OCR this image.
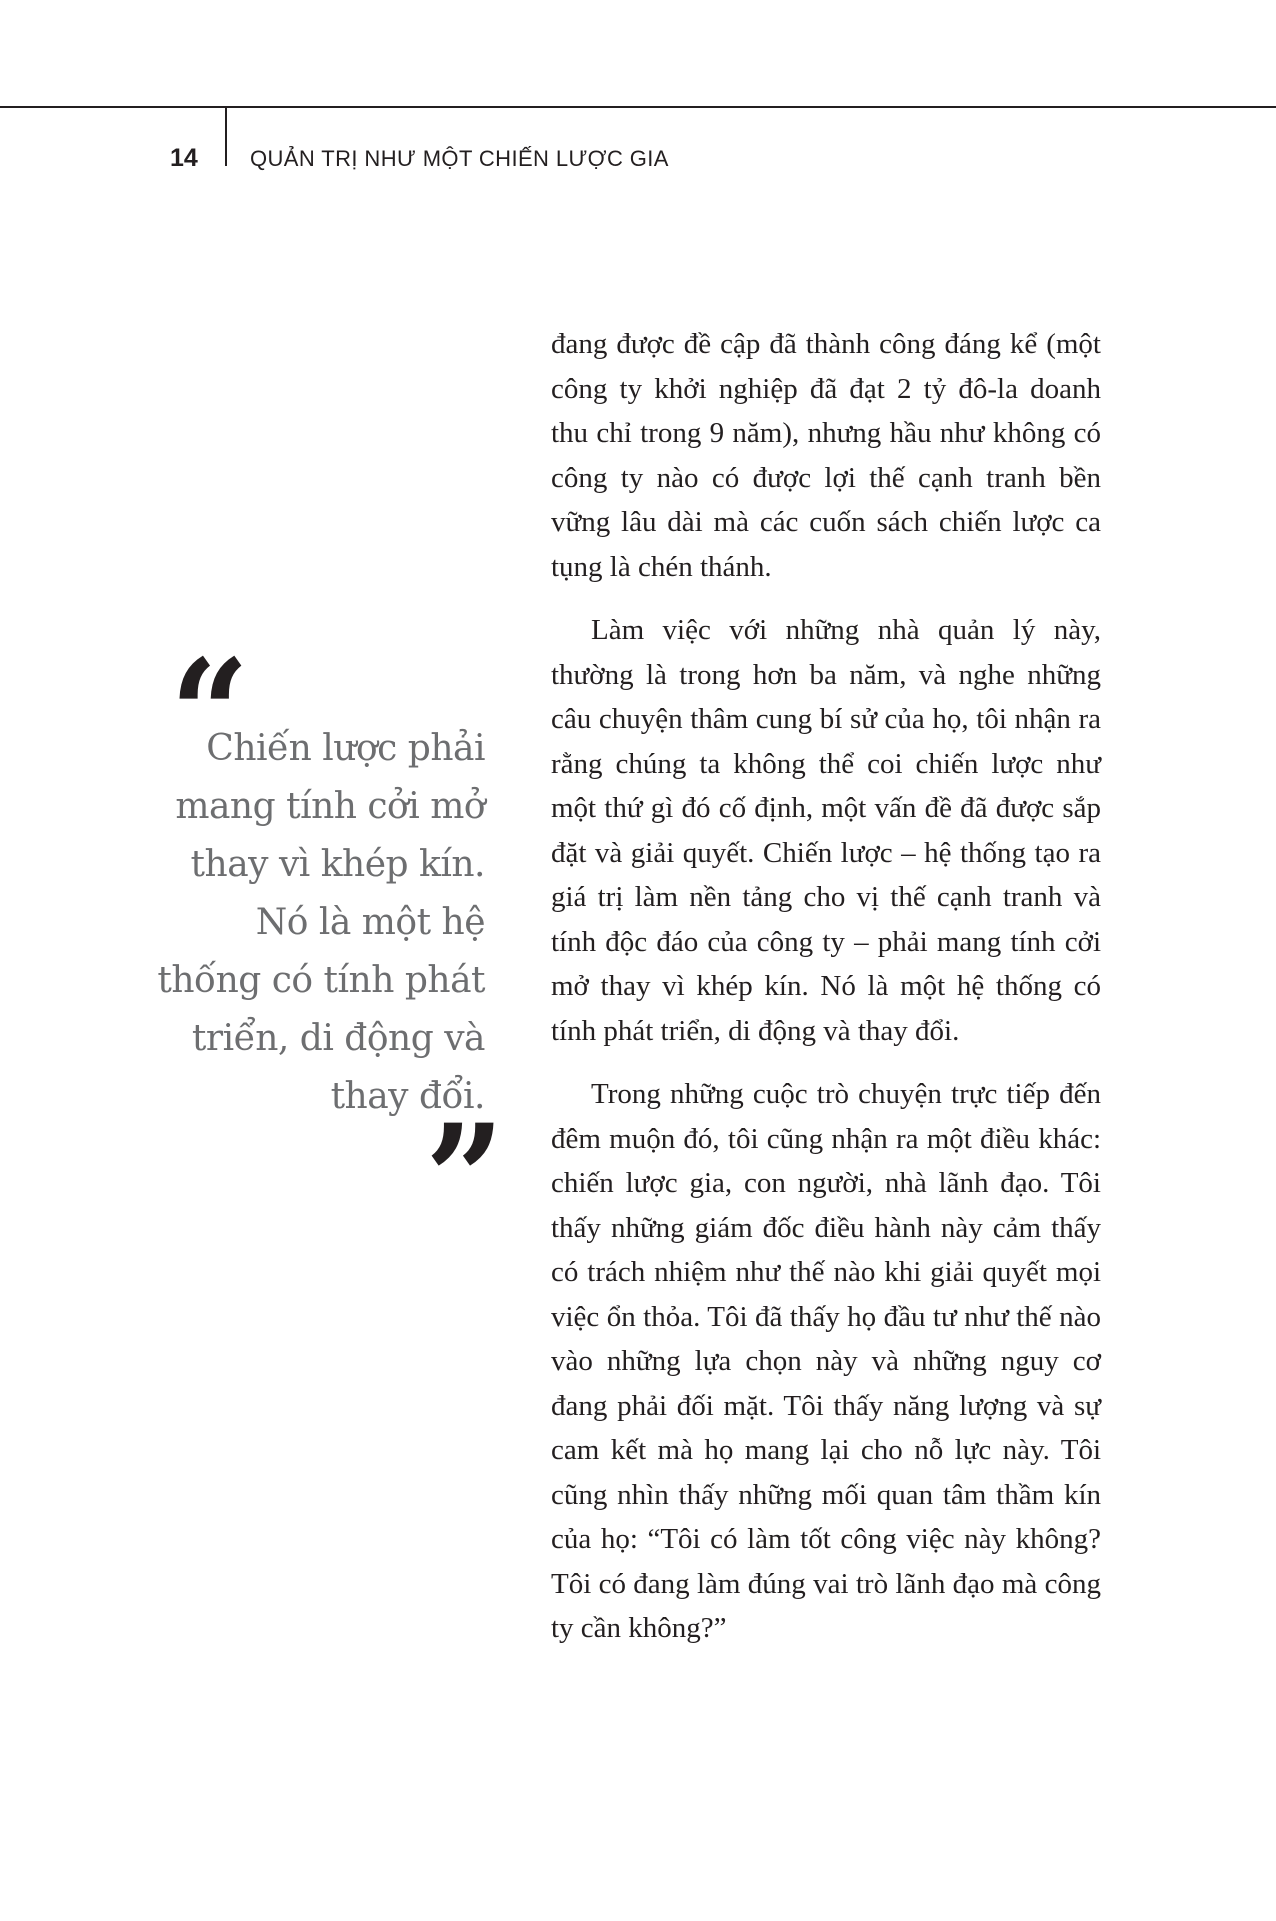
14 QUẢN TRỊ NHƯ MỘT CHIẾN LƯỢC GIA
“
Chiến lược phải mang tính cởi mở thay vì khép kín. Nó là một hệ thống có tính phát triển, di động và thay đổi.
”

đang được đề cập đã thành công đáng kể (một công ty khởi nghiệp đã đạt 2 tỷ đô-la doanh thu chỉ trong 9 năm), nhưng hầu như không có công ty nào có được lợi thế cạnh tranh bền vững lâu dài mà các cuốn sách chiến lược ca tụng là chén thánh.

Làm việc với những nhà quản lý này, thường là trong hơn ba năm, và nghe những câu chuyện thâm cung bí sử của họ, tôi nhận ra rằng chúng ta không thể coi chiến lược như một thứ gì đó cố định, một vấn đề đã được sắp đặt và giải quyết. Chiến lược – hệ thống tạo ra giá trị làm nền tảng cho vị thế cạnh tranh và tính độc đáo của công ty – phải mang tính cởi mở thay vì khép kín. Nó là một hệ thống có tính phát triển, di động và thay đổi.

Trong những cuộc trò chuyện trực tiếp đến đêm muộn đó, tôi cũng nhận ra một điều khác: chiến lược gia, con người, nhà lãnh đạo. Tôi thấy những giám đốc điều hành này cảm thấy có trách nhiệm như thế nào khi giải quyết mọi việc ổn thỏa. Tôi đã thấy họ đầu tư như thế nào vào những lựa chọn này và những nguy cơ đang phải đối mặt. Tôi thấy năng lượng và sự cam kết mà họ mang lại cho nỗ lực này. Tôi cũng nhìn thấy những mối quan tâm thầm kín của họ: “Tôi có làm tốt công việc này không? Tôi có đang làm đúng vai trò lãnh đạo mà công ty cần không?”
